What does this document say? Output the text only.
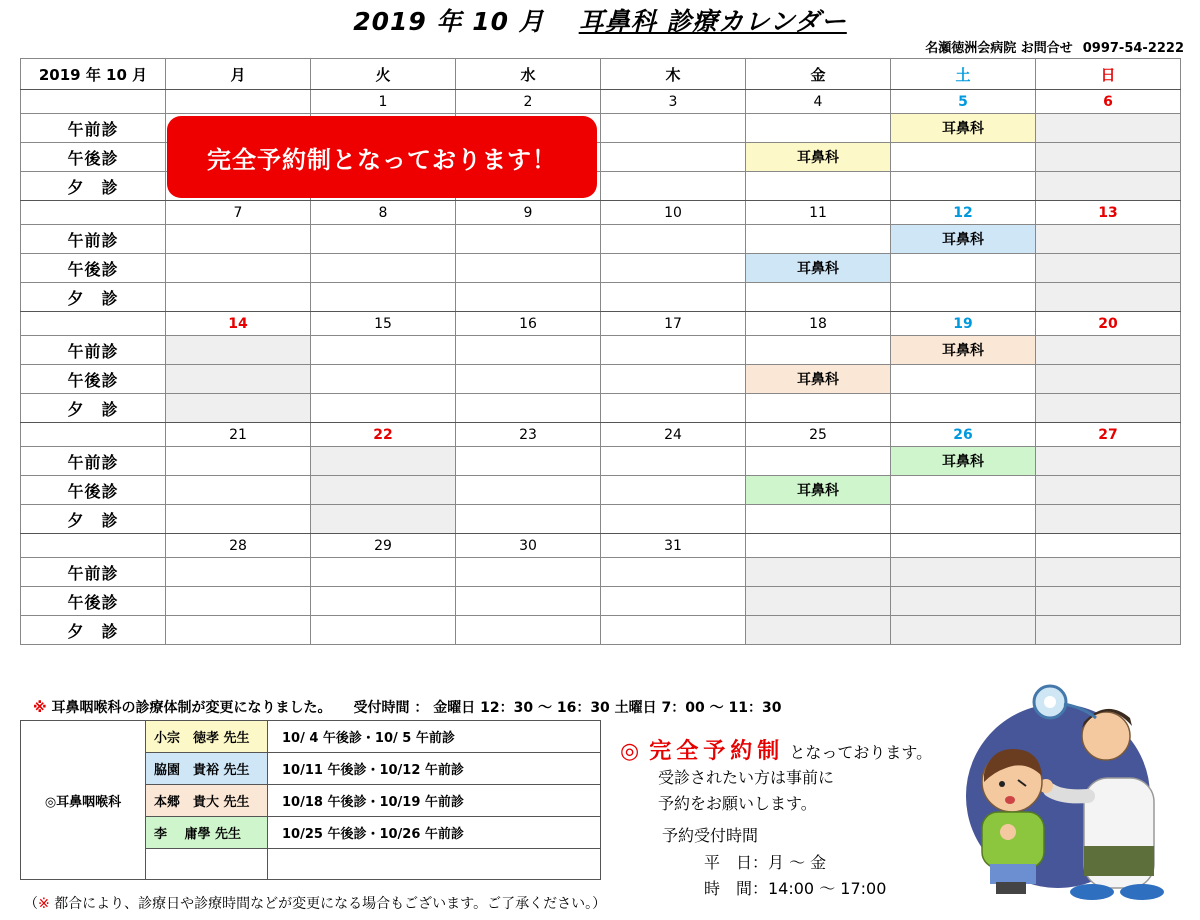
2019 年 10 月 耳鼻科 診療カレンダー
名瀬徳洲会病院 お問合せ 0997-54-2222
2019 年 10 月	月	火	水	木	金	土	日
		1	2	3	4	5	6
午前診						耳鼻科	
午後診					耳鼻科		
夕　診							
	7	8	9	10	11	12	13
午前診						耳鼻科	
午後診					耳鼻科		
夕　診							
	14	15	16	17	18	19	20
午前診						耳鼻科	
午後診					耳鼻科		
夕　診							
	21	22	23	24	25	26	27
午前診						耳鼻科	
午後診					耳鼻科		
夕　診							
	28	29	30	31			
午前診							
午後診							
夕　診							
完全予約制となっております！
※ 耳鼻咽喉科の診療体制が変更になりました。 受付時間 ： 金曜日 12：30 ～ 16：30 土曜日 7：00 ～ 11：30
◎耳鼻咽喉科	小宗　徳孝 先生	10/ 4 午後診・10/ 5 午前診
	脇園　貴裕 先生	10/11 午後診・10/12 午前診
	本郷　貴大 先生	10/18 午後診・10/19 午前診
	李　 庸學 先生	10/25 午後診・10/26 午前診

◎ 完全予約制 となっております。
受診されたい方は事前に
予約をお願いします。
予約受付時間
平　日：月 ～ 金
時　間：14:00 ～ 17:00
（※ 都合により、診療日や診療時間などが変更になる場合もございます。ご了承ください。）
